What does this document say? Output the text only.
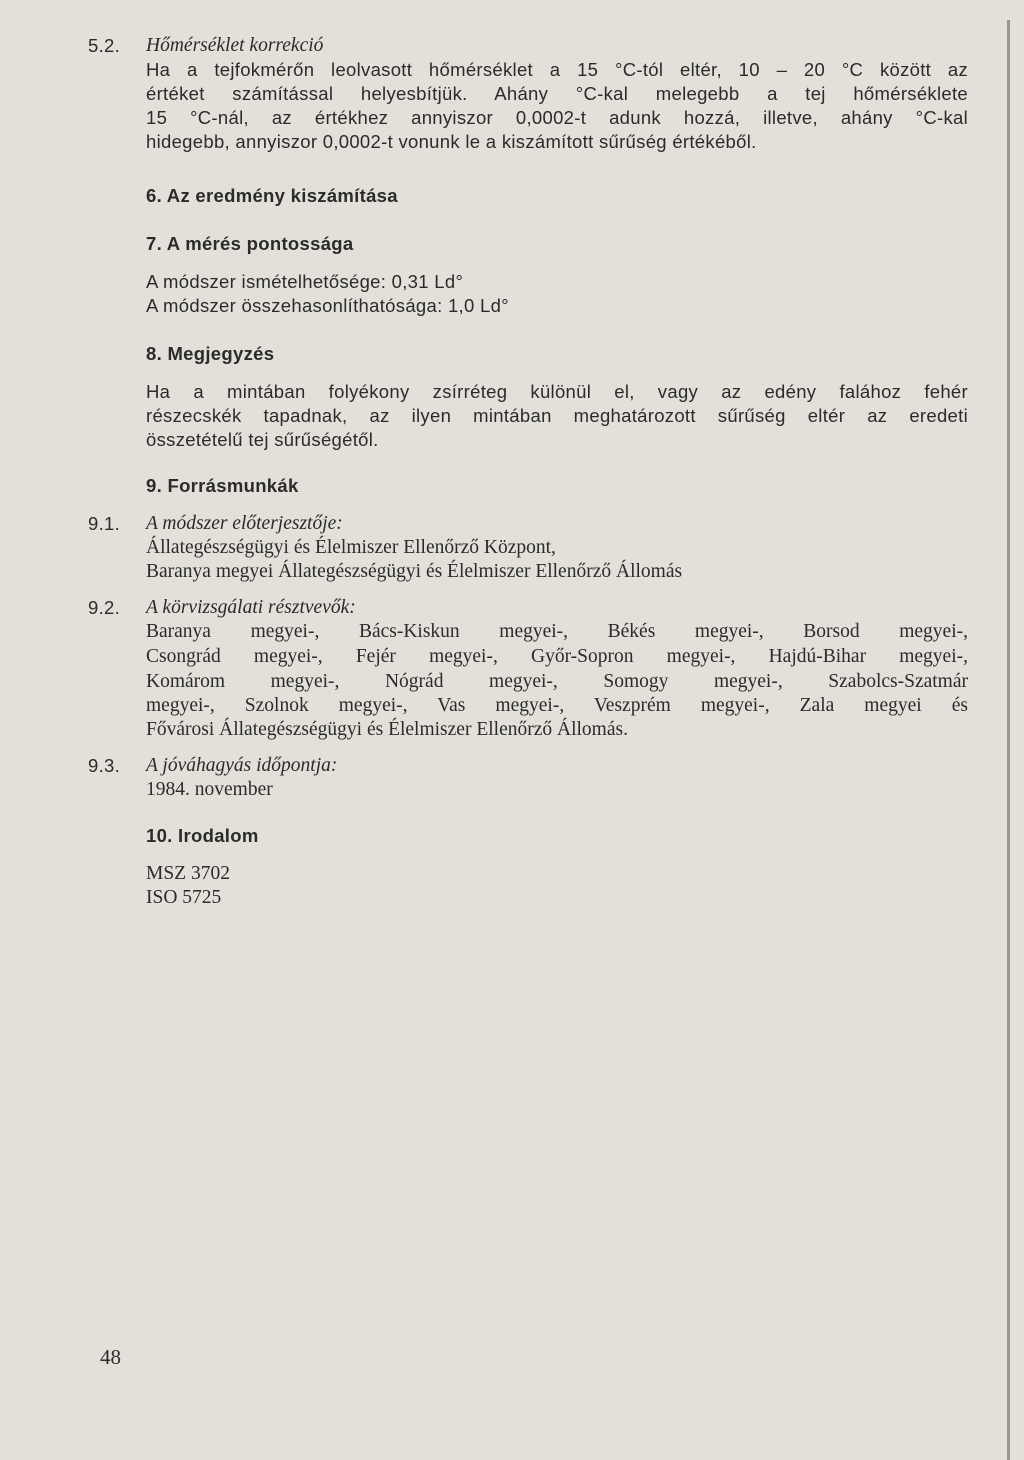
5.2. Hőmérséklet korrekció
Ha a tejfokmérőn leolvasott hőmérséklet a 15 °C-tól eltér, 10 – 20 °C között az
értéket számítással helyesbítjük. Ahány °C-kal melegebb a tej hőmérséklete
15 °C-nál, az értékhez annyiszor 0,0002-t adunk hozzá, illetve, ahány °C-kal
hidegebb, annyiszor 0,0002-t vonunk le a kiszámított sűrűség értékéből.
6. Az eredmény kiszámítása
7. A mérés pontossága
A módszer ismételhetősége: 0,31 Ld°
A módszer összehasonlíthatósága: 1,0 Ld°
8. Megjegyzés
Ha a mintában folyékony zsírréteg különül el, vagy az edény falához fehér
részecskék tapadnak, az ilyen mintában meghatározott sűrűség eltér az eredeti
összetételű tej sűrűségétől.
9. Forrásmunkák
9.1. A módszer előterjesztője:
Állategészségügyi és Élelmiszer Ellenőrző Központ,
Baranya megyei Állategészségügyi és Élelmiszer Ellenőrző Állomás
9.2. A körvizsgálati résztvevők:
Baranya megyei-, Bács-Kiskun megyei-, Békés megyei-, Borsod megyei-,
Csongrád megyei-, Fejér megyei-, Győr-Sopron megyei-, Hajdú-Bihar megyei-,
Komárom megyei-, Nógrád megyei-, Somogy megyei-, Szabolcs-Szatmár
megyei-, Szolnok megyei-, Vas megyei-, Veszprém megyei-, Zala megyei és
Fővárosi Állategészségügyi és Élelmiszer Ellenőrző Állomás.
9.3. A jóváhagyás időpontja:
1984. november
10. Irodalom
MSZ 3702
ISO 5725
48
